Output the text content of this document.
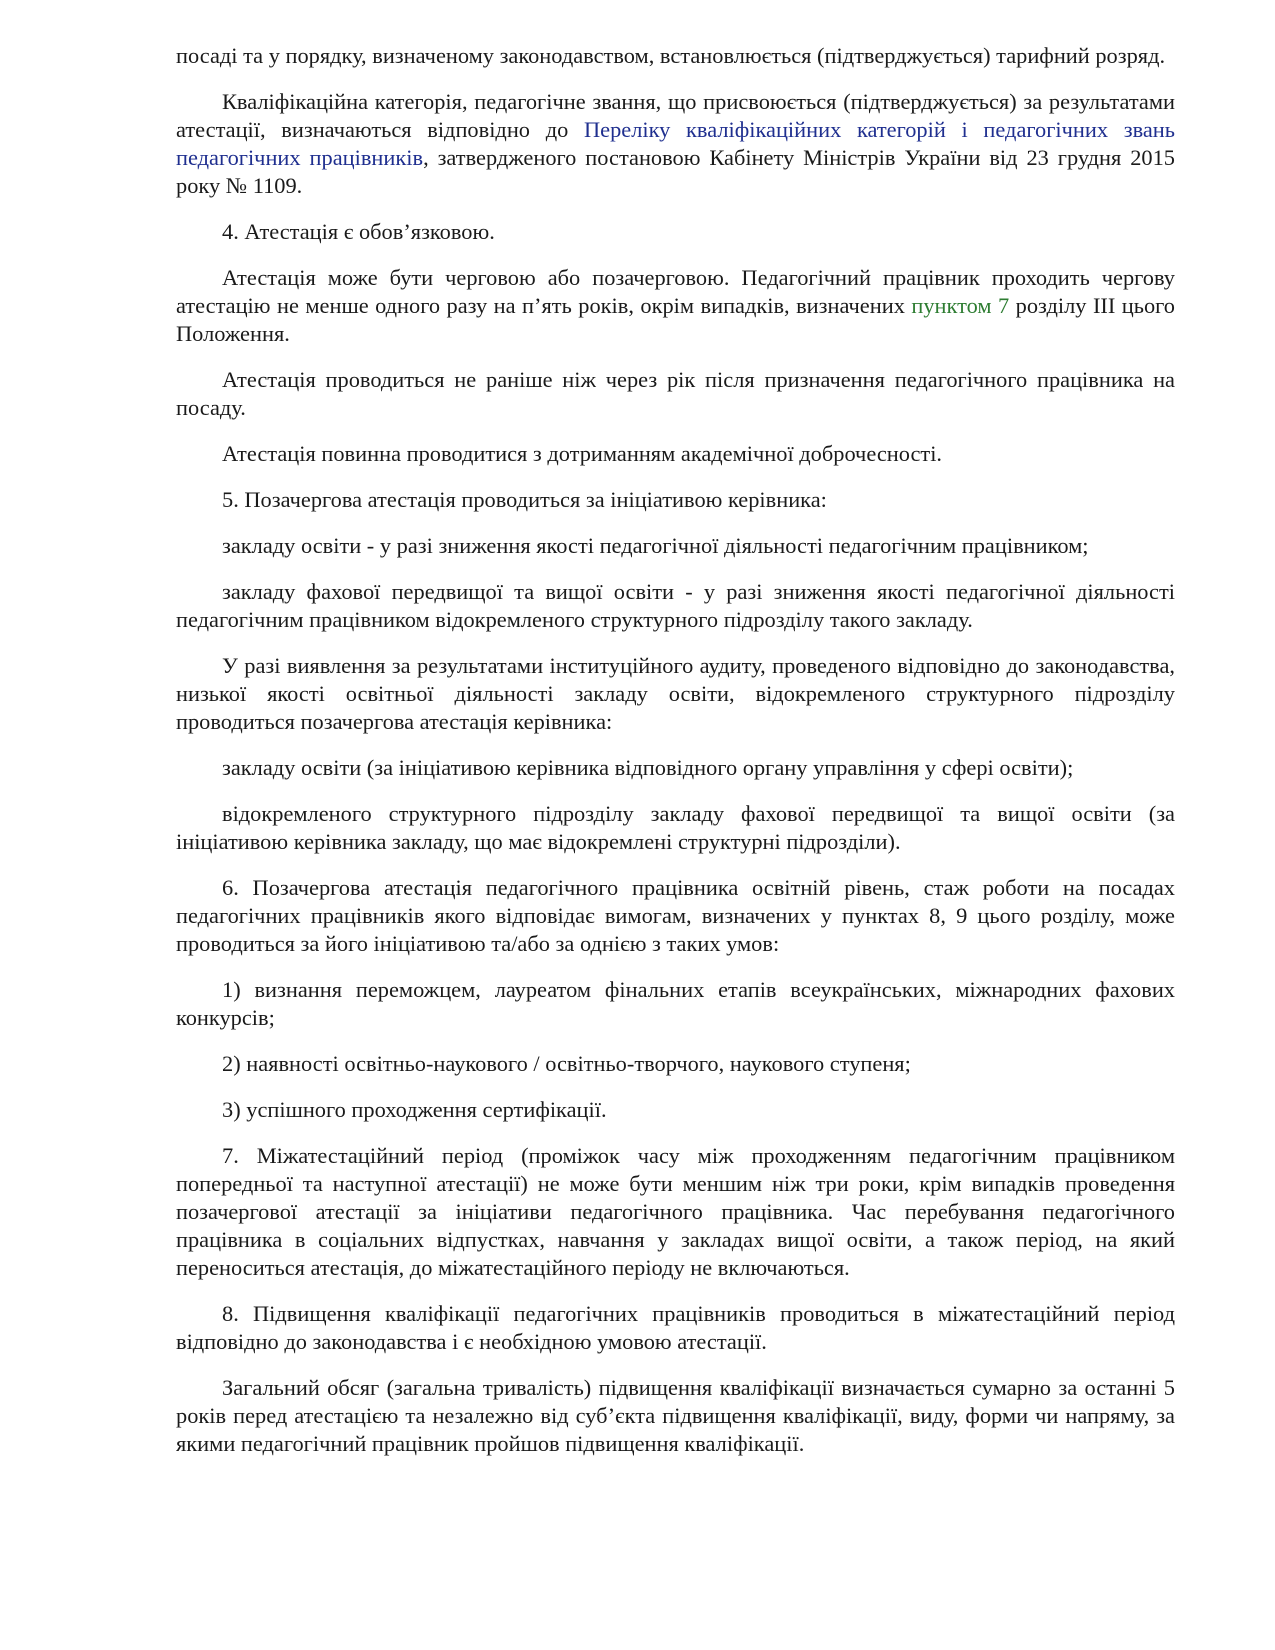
посаді та у порядку, визначеному законодавством, встановлюється (підтверджується) тарифний розряд.

Кваліфікаційна категорія, педагогічне звання, що присвоюється (підтверджується) за результатами атестації, визначаються відповідно до Переліку кваліфікаційних категорій і педагогічних звань педагогічних працівників, затвердженого постановою Кабінету Міністрів України від 23 грудня 2015 року № 1109.

4. Атестація є обов’язковою.

Атестація може бути черговою або позачерговою. Педагогічний працівник проходить чергову атестацію не менше одного разу на п’ять років, окрім випадків, визначених пунктом 7 розділу ІІІ цього Положення.

Атестація проводиться не раніше ніж через рік після призначення педагогічного працівника на посаду.

Атестація повинна проводитися з дотриманням академічної доброчесності.

5. Позачергова атестація проводиться за ініціативою керівника:

закладу освіти - у разі зниження якості педагогічної діяльності педагогічним працівником;

закладу фахової передвищої та вищої освіти - у разі зниження якості педагогічної діяльності педагогічним працівником відокремленого структурного підрозділу такого закладу.

У разі виявлення за результатами інституційного аудиту, проведеного відповідно до законодавства, низької якості освітньої діяльності закладу освіти, відокремленого структурного підрозділу проводиться позачергова атестація керівника:

закладу освіти (за ініціативою керівника відповідного органу управління у сфері освіти);

відокремленого структурного підрозділу закладу фахової передвищої та вищої освіти (за ініціативою керівника закладу, що має відокремлені структурні підрозділи).

6. Позачергова атестація педагогічного працівника освітній рівень, стаж роботи на посадах педагогічних працівників якого відповідає вимогам, визначених у пунктах 8, 9 цього розділу, може проводиться за його ініціативою та/або за однією з таких умов:

1) визнання переможцем, лауреатом фінальних етапів всеукраїнських, міжнародних фахових конкурсів;

2) наявності освітньо-наукового / освітньо-творчого, наукового ступеня;

3) успішного проходження сертифікації.

7. Міжатестаційний період (проміжок часу між проходженням педагогічним працівником попередньої та наступної атестації) не може бути меншим ніж три роки, крім випадків проведення позачергової атестації за ініціативи педагогічного працівника. Час перебування педагогічного працівника в соціальних відпустках, навчання у закладах вищої освіти, а також період, на який переноситься атестація, до міжатестаційного періоду не включаються.

8. Підвищення кваліфікації педагогічних працівників проводиться в міжатестаційний період відповідно до законодавства і є необхідною умовою атестації.

Загальний обсяг (загальна тривалість) підвищення кваліфікації визначається сумарно за останні 5 років перед атестацією та незалежно від суб’єкта підвищення кваліфікації, виду, форми чи напряму, за якими педагогічний працівник пройшов підвищення кваліфікації.
